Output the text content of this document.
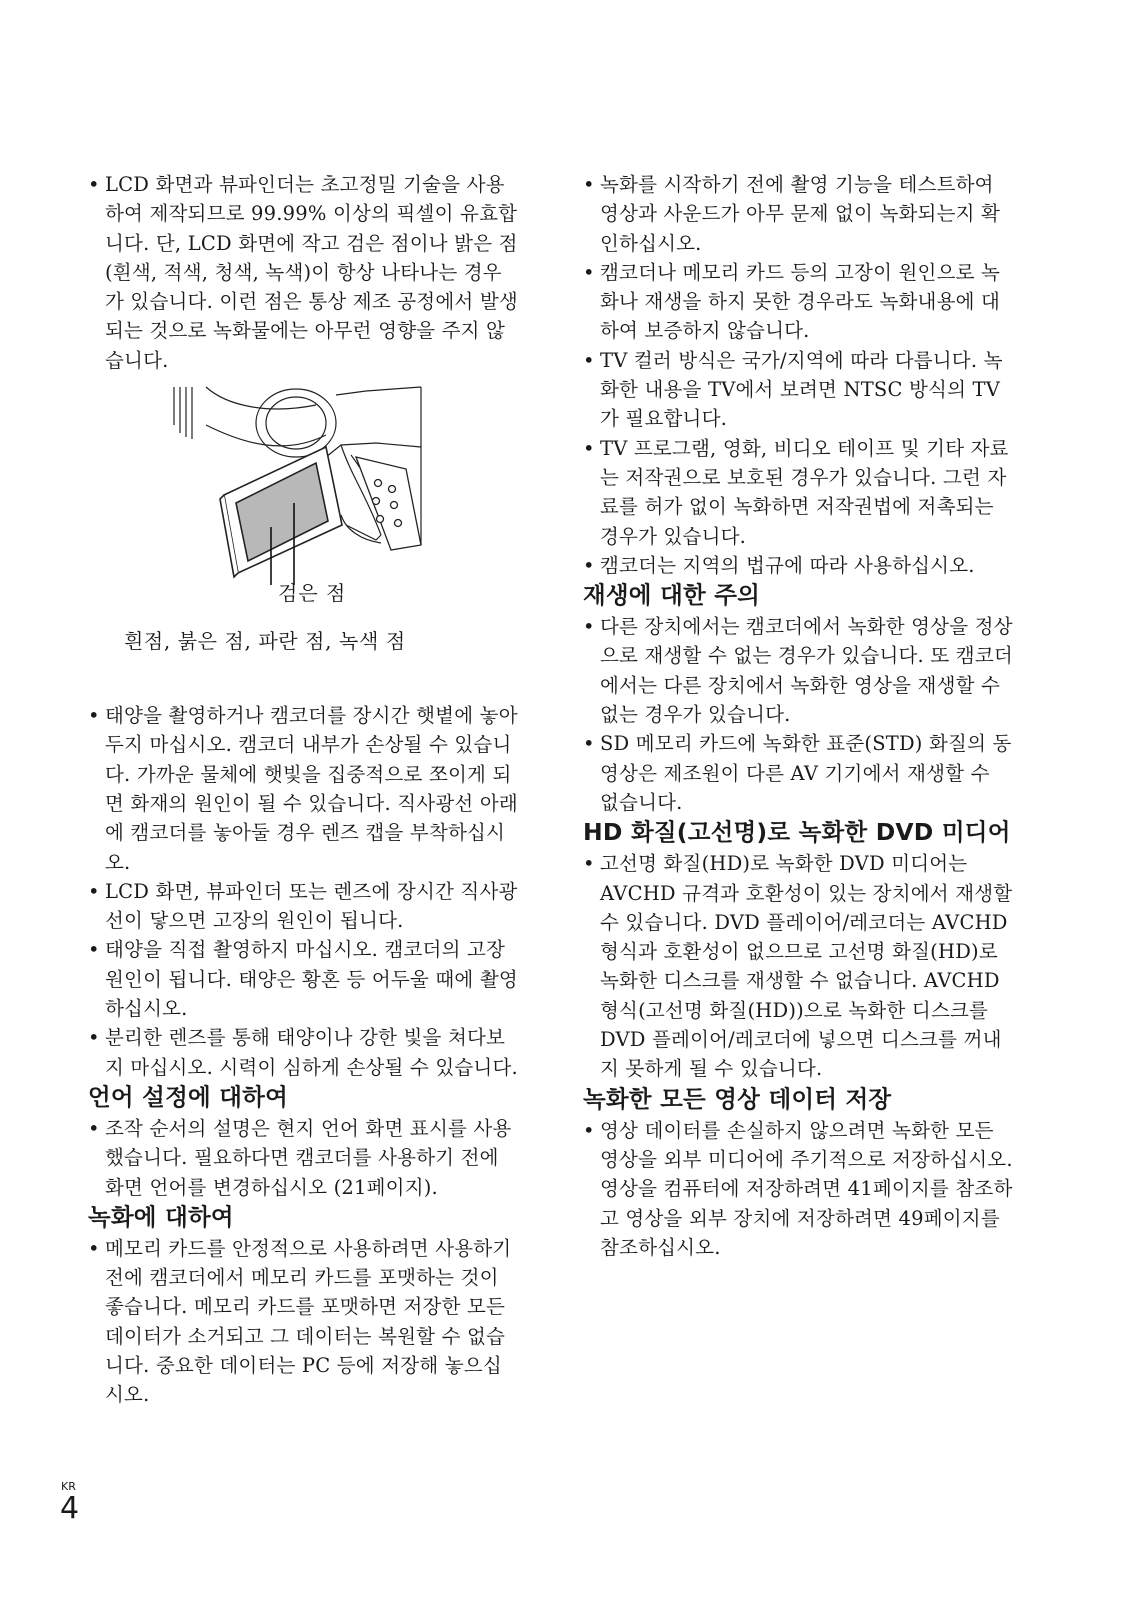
• LCD 화면과 뷰파인더는 초고정밀 기술을 사용하여 제작되므로 99.99% 이상의 픽셀이 유효합니다. 단, LCD 화면에 작고 검은 점이나 밝은 점(흰색, 적색, 청색, 녹색)이 항상 나타나는 경우가 있습니다. 이런 점은 통상 제조 공정에서 발생되는 것으로 녹화물에는 아무런 영향을 주지 않습니다.
검은 점
흰점, 붉은 점, 파란 점, 녹색 점
• 태양을 촬영하거나 캠코더를 장시간 햇볕에 놓아두지 마십시오. 캠코더 내부가 손상될 수 있습니다. 가까운 물체에 햇빛을 집중적으로 쪼이게 되면 화재의 원인이 될 수 있습니다. 직사광선 아래에 캠코더를 놓아둘 경우 렌즈 캡을 부착하십시오.
• LCD 화면, 뷰파인더 또는 렌즈에 장시간 직사광선이 닿으면 고장의 원인이 됩니다.
• 태양을 직접 촬영하지 마십시오. 캠코더의 고장 원인이 됩니다. 태양은 황혼 등 어두울 때에 촬영하십시오.
• 분리한 렌즈를 통해 태양이나 강한 빛을 쳐다보지 마십시오. 시력이 심하게 손상될 수 있습니다.
언어 설정에 대하여
• 조작 순서의 설명은 현지 언어 화면 표시를 사용했습니다. 필요하다면 캠코더를 사용하기 전에 화면 언어를 변경하십시오 (21페이지).
녹화에 대하여
• 메모리 카드를 안정적으로 사용하려면 사용하기 전에 캠코더에서 메모리 카드를 포맷하는 것이 좋습니다. 메모리 카드를 포맷하면 저장한 모든 데이터가 소거되고 그 데이터는 복원할 수 없습니다. 중요한 데이터는 PC 등에 저장해 놓으십시오.
• 녹화를 시작하기 전에 촬영 기능을 테스트하여 영상과 사운드가 아무 문제 없이 녹화되는지 확인하십시오.
• 캠코더나 메모리 카드 등의 고장이 원인으로 녹화나 재생을 하지 못한 경우라도 녹화내용에 대하여 보증하지 않습니다.
• TV 컬러 방식은 국가/지역에 따라 다릅니다. 녹화한 내용을 TV에서 보려면 NTSC 방식의 TV가 필요합니다.
• TV 프로그램, 영화, 비디오 테이프 및 기타 자료는 저작권으로 보호된 경우가 있습니다. 그런 자료를 허가 없이 녹화하면 저작권법에 저촉되는 경우가 있습니다.
• 캠코더는 지역의 법규에 따라 사용하십시오.
재생에 대한 주의
• 다른 장치에서는 캠코더에서 녹화한 영상을 정상으로 재생할 수 없는 경우가 있습니다. 또 캠코더에서는 다른 장치에서 녹화한 영상을 재생할 수 없는 경우가 있습니다.
• SD 메모리 카드에 녹화한 표준(STD) 화질의 동영상은 제조원이 다른 AV 기기에서 재생할 수 없습니다.
HD 화질(고선명)로 녹화한 DVD 미디어
• 고선명 화질(HD)로 녹화한 DVD 미디어는 AVCHD 규격과 호환성이 있는 장치에서 재생할 수 있습니다. DVD 플레이어/레코더는 AVCHD 형식과 호환성이 없으므로 고선명 화질(HD)로 녹화한 디스크를 재생할 수 없습니다. AVCHD 형식(고선명 화질(HD))으로 녹화한 디스크를 DVD 플레이어/레코더에 넣으면 디스크를 꺼내지 못하게 될 수 있습니다.
녹화한 모든 영상 데이터 저장
• 영상 데이터를 손실하지 않으려면 녹화한 모든 영상을 외부 미디어에 주기적으로 저장하십시오. 영상을 컴퓨터에 저장하려면 41페이지를 참조하고 영상을 외부 장치에 저장하려면 49페이지를 참조하십시오.
KR
4
